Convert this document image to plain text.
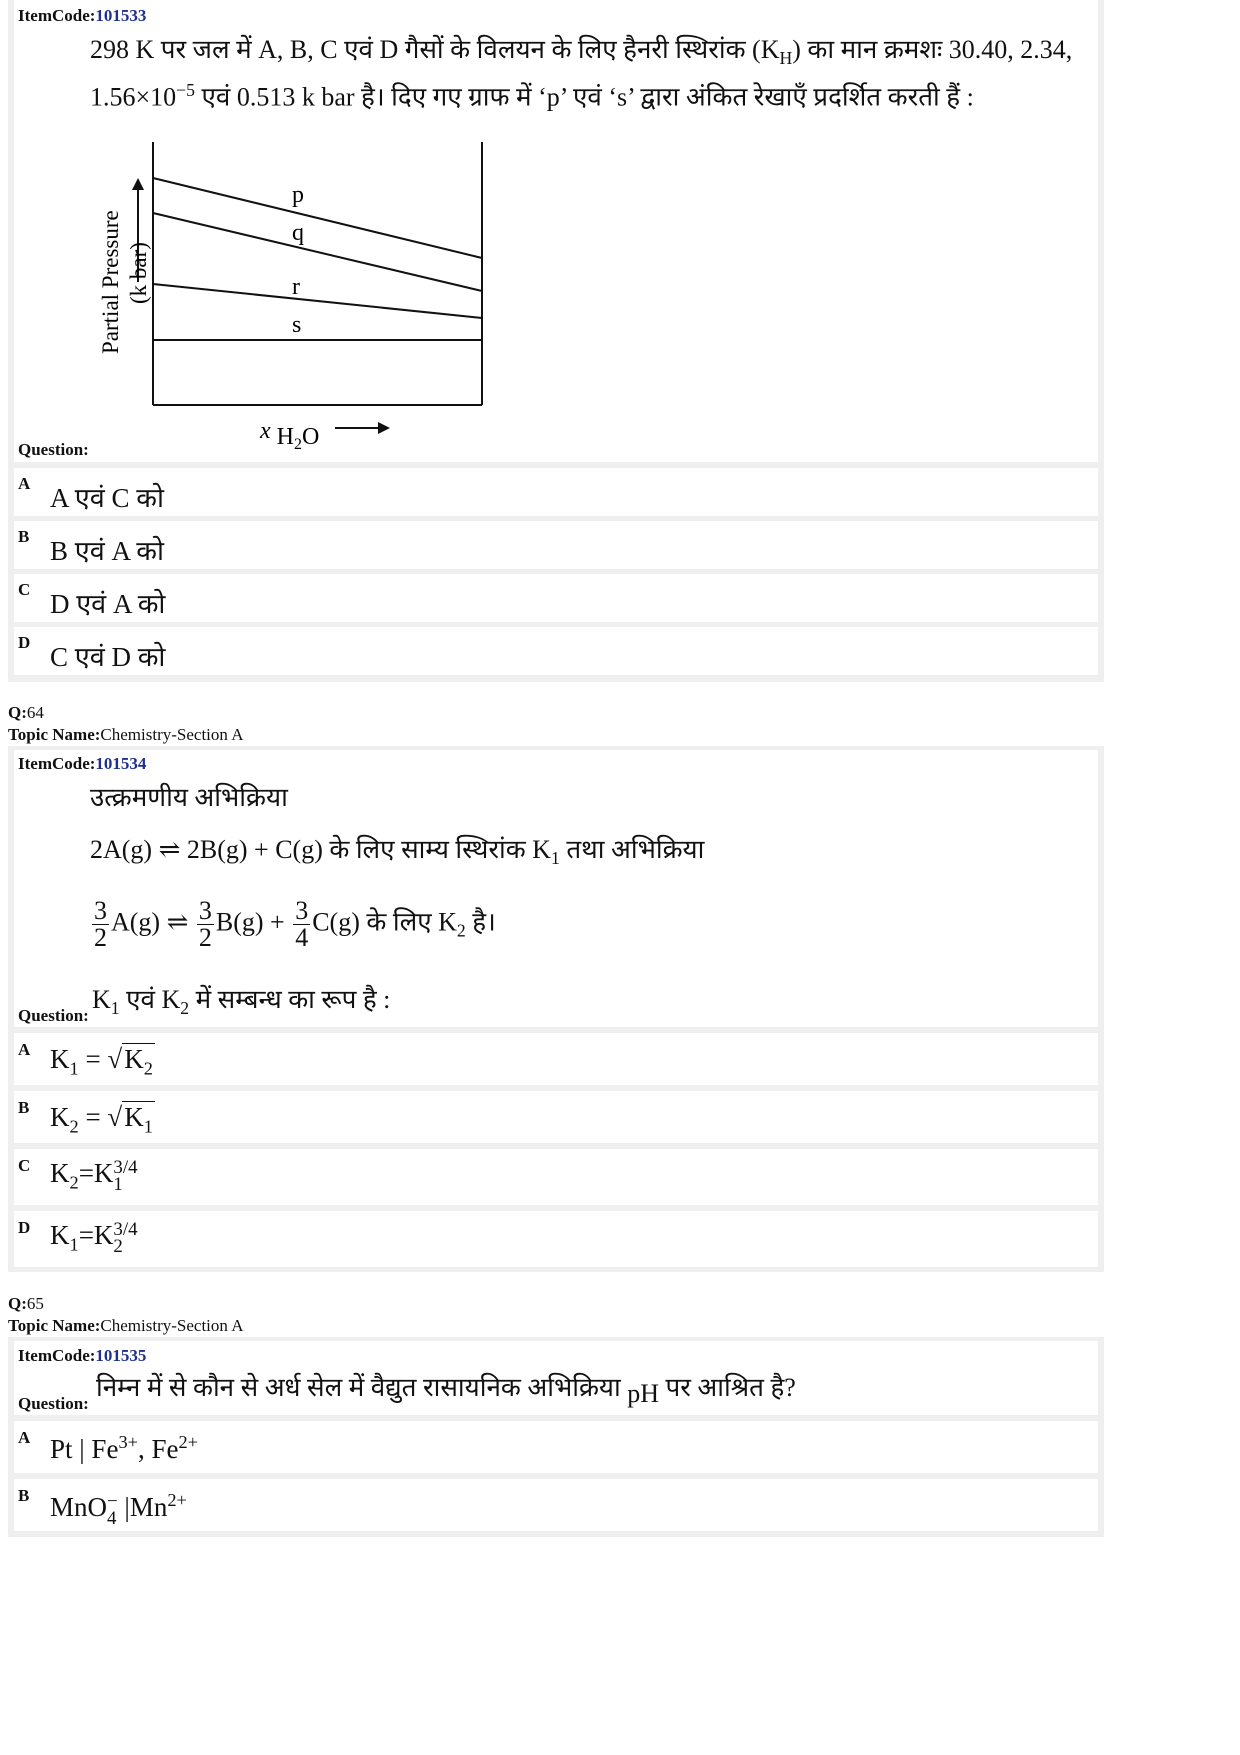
ItemCode:101533
298 K पर जल में A, B, C एवं D गैसों के विलयन के लिए हैनरी स्थिरांक $(K_H)$ का मान क्रमशः 30.40, 2.34,
$1.56\times 10^{-5}$ एवं 0.513 k bar है। दिए गए ग्राफ में ‘p’ एवं ‘s’ द्वारा अंकित रेखाएँ प्रदर्शित करती हैं :
p
q
r
s
Partial Pressure (k bar)
x $H_2O$
Question:
A A एवं C को
B B एवं A को
C D एवं A को
D C एवं D को
Q:64
Topic Name:Chemistry-Section A
ItemCode:101534
उत्क्रमणीय अभिक्रिया
2A(g) ⇌ 2B(g) + C(g) के लिए साम्य स्थिरांक $K_1$ तथा अभिक्रिया
$\frac{3}{2} A(g)$ ⇌ $\frac{3}{2} B(g) + \frac{3}{4} C(g)$ के लिए $K_2$ है।
Question:
$K_1$ एवं $K_2$ में सम्बन्ध का रूप है :
A $K_1 = √K_2$
B $K_2 = √K_1$
C $K_2=K$ 3/4
1
D $K_1=K$ 3/4
2
Q:65
Topic Name:Chemistry-Section A
ItemCode:101535
Question:
निम्न में से कौन से अर्ध सेल में वैद्युत रासायनिक अभिक्रिया pH पर आश्रित है?
A Pt | $Fe^{3+}$, $Fe^{2+}$
B MnO −
4 $|Mn^{2+}$
